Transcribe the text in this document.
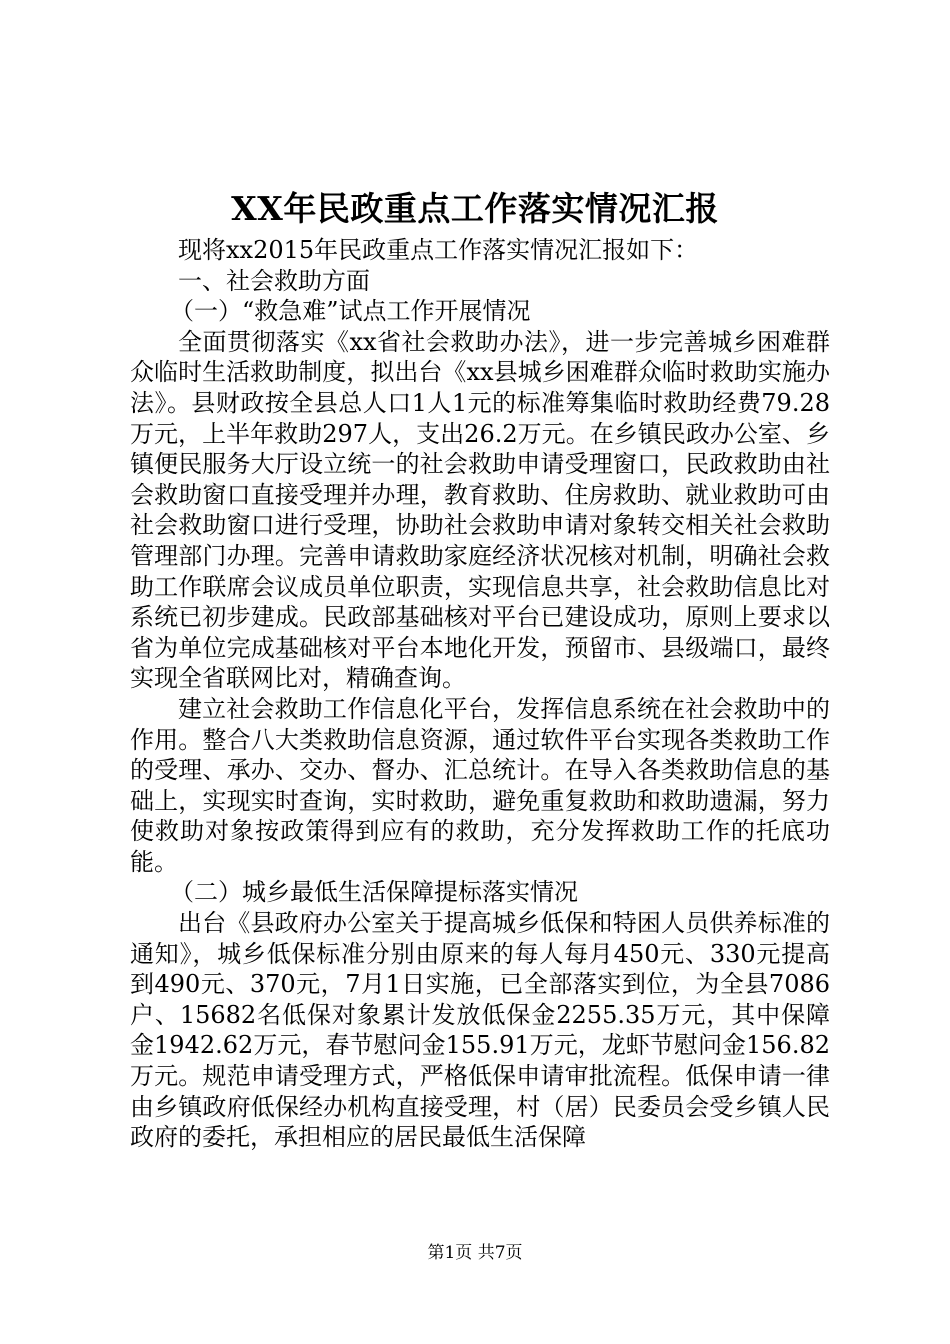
XX年民政重点工作落实情况汇报

现将xx2015年民政重点工作落实情况汇报如下：

一、社会救助方面

（一）“救急难”试点工作开展情况

全面贯彻落实《xx省社会救助办法》，进一步完善城乡困难群众临时生活救助制度，拟出台《xx县城乡困难群众临时救助实施办法》。县财政按全县总人口1人1元的标准筹集临时救助经费79.28万元，上半年救助297人，支出26.2万元。在乡镇民政办公室、乡镇便民服务大厅设立统一的社会救助申请受理窗口，民政救助由社会救助窗口直接受理并办理，教育救助、住房救助、就业救助可由社会救助窗口进行受理，协助社会救助申请对象转交相关社会救助管理部门办理。完善申请救助家庭经济状况核对机制，明确社会救助工作联席会议成员单位职责，实现信息共享，社会救助信息比对系统已初步建成。民政部基础核对平台已建设成功，原则上要求以省为单位完成基础核对平台本地化开发，预留市、县级端口，最终实现全省联网比对，精确查询。

建立社会救助工作信息化平台，发挥信息系统在社会救助中的作用。整合八大类救助信息资源，通过软件平台实现各类救助工作的受理、承办、交办、督办、汇总统计。在导入各类救助信息的基础上，实现实时查询，实时救助，避免重复救助和救助遗漏，努力使救助对象按政策得到应有的救助，充分发挥救助工作的托底功能。

（二）城乡最低生活保障提标落实情况

出台《县政府办公室关于提高城乡低保和特困人员供养标准的通知》，城乡低保标准分别由原来的每人每月450元、330元提高到490元、370元，7月1日实施，已全部落实到位，为全县7086户、15682名低保对象累计发放低保金2255.35万元，其中保障金1942.62万元，春节慰问金155.91万元，龙虾节慰问金156.82万元。规范申请受理方式，严格低保申请审批流程。低保申请一律由乡镇政府低保经办机构直接受理，村（居）民委员会受乡镇人民政府的委托，承担相应的居民最低生活保障

第1页 共7页
